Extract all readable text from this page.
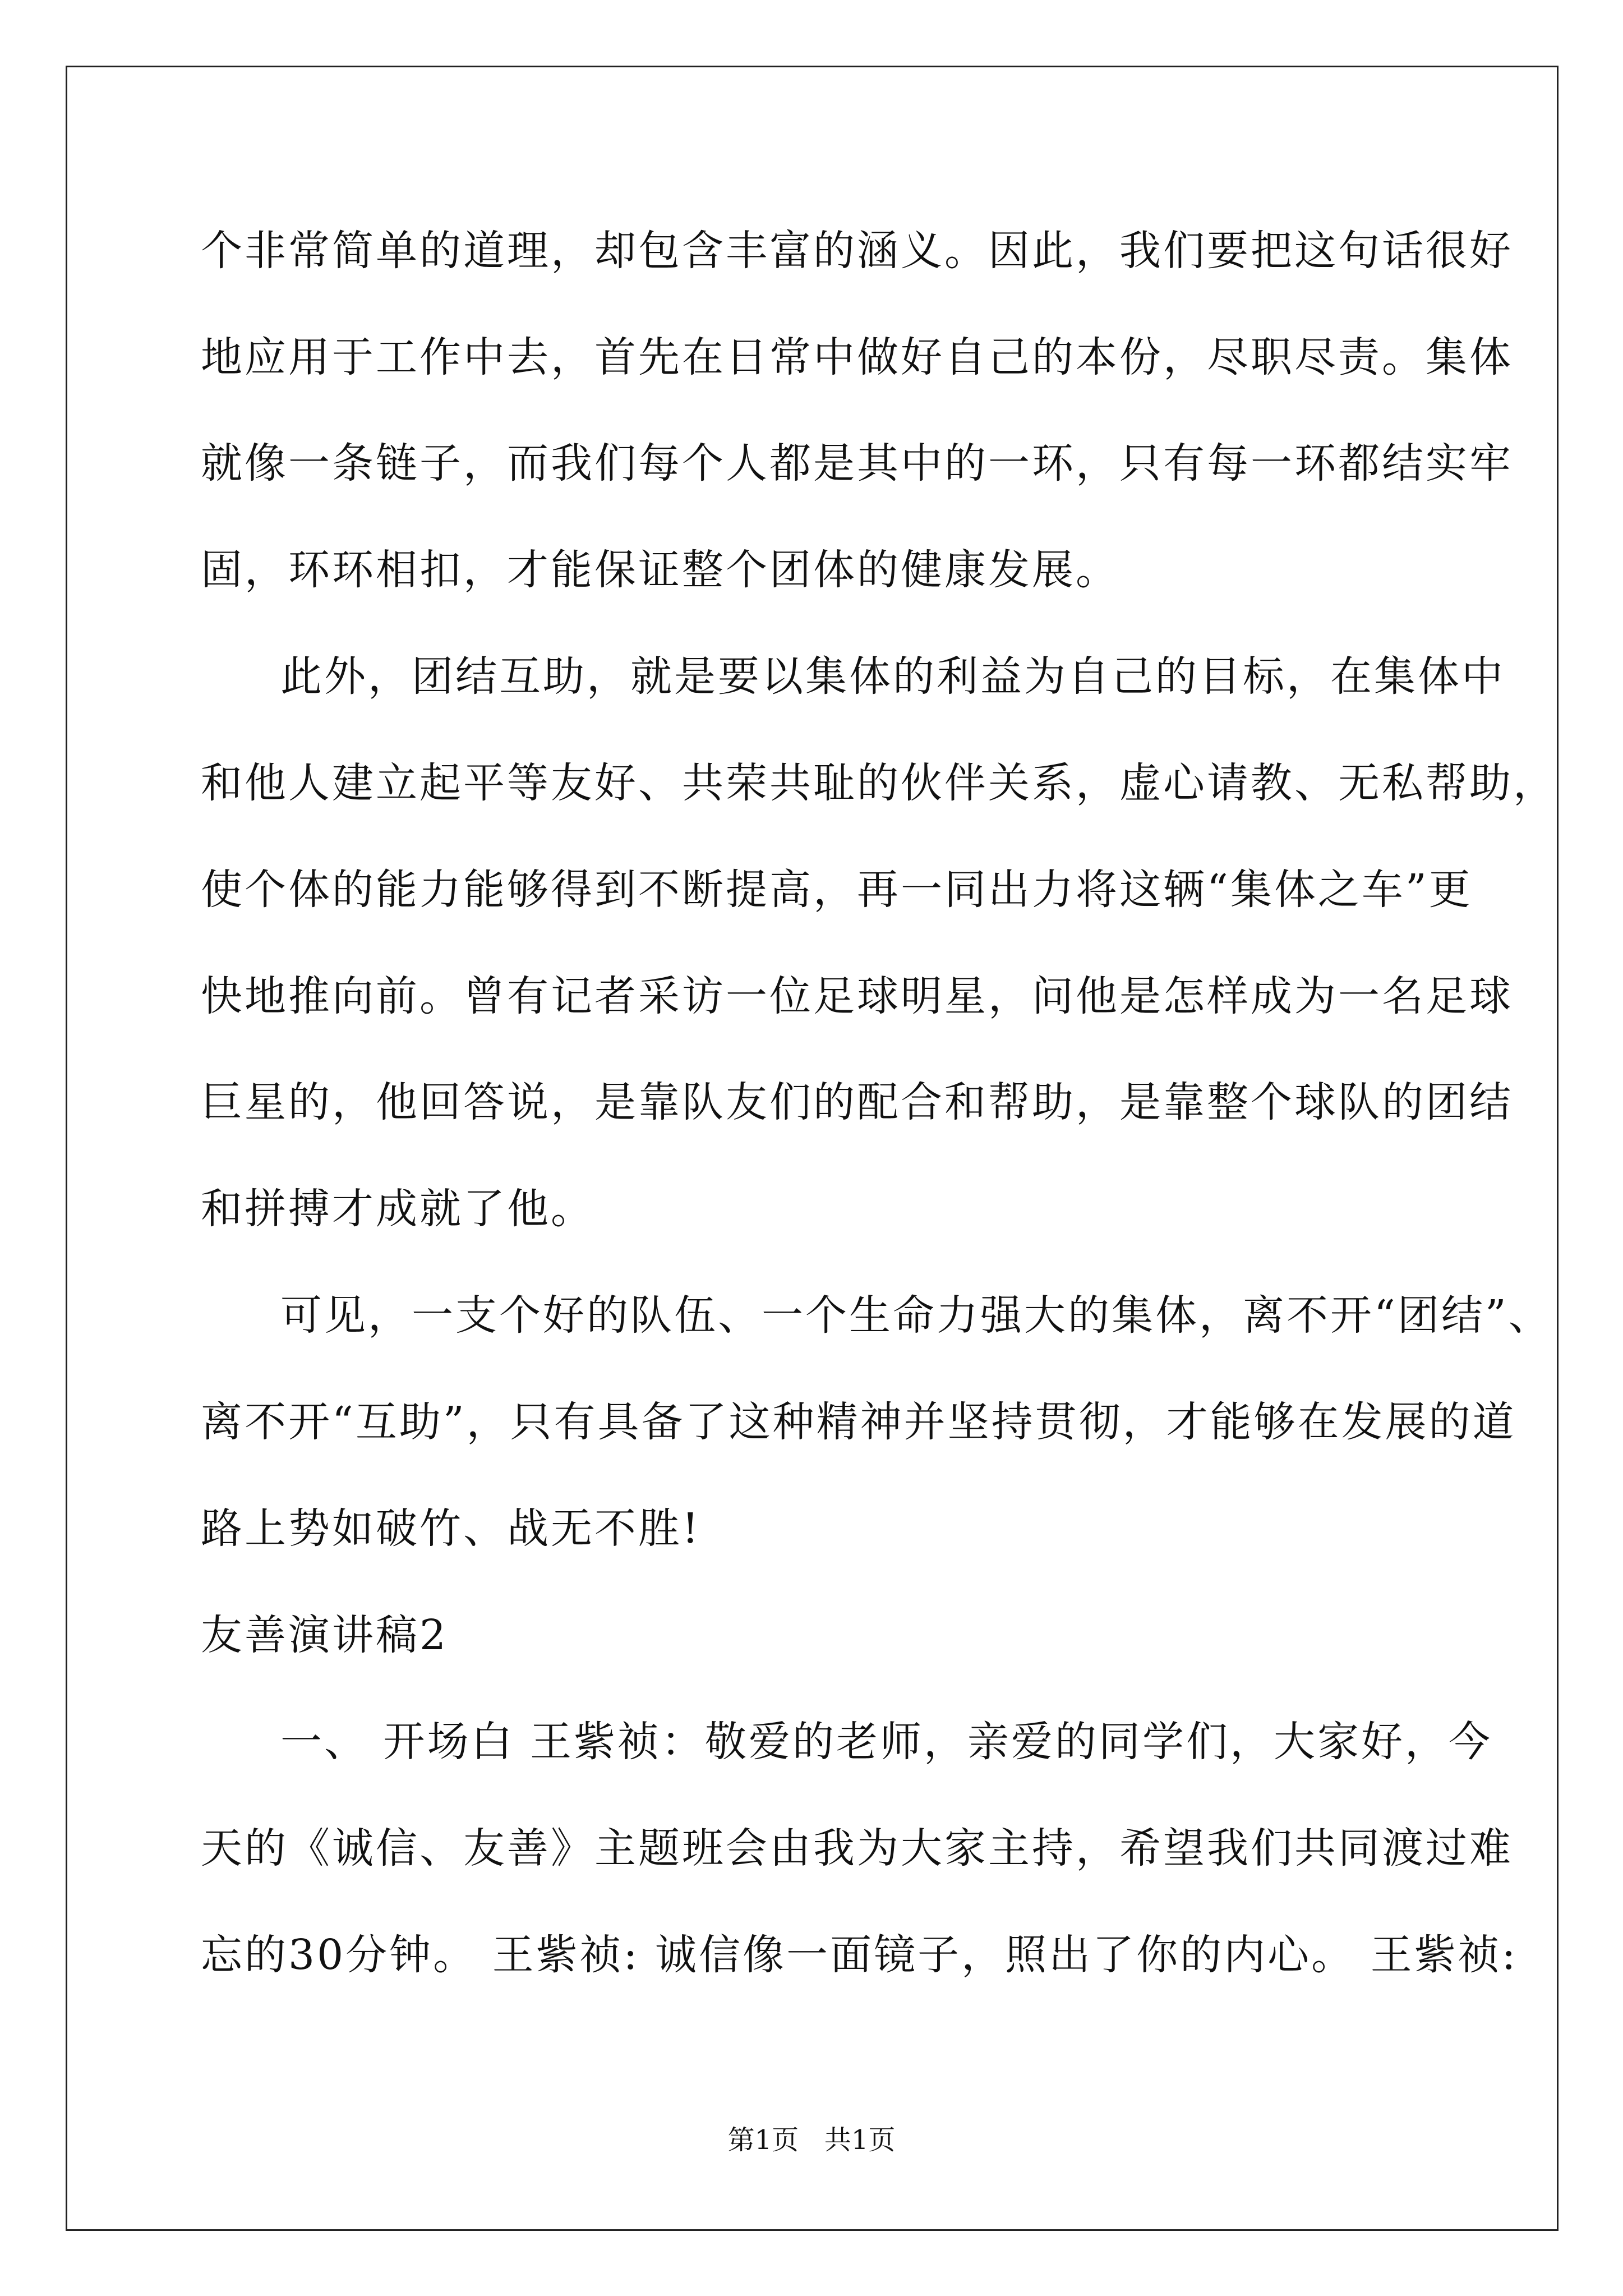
个非常简单的道理，却包含丰富的涵义。因此，我们要把这句话很好
地应用于工作中去，首先在日常中做好自己的本份，尽职尽责。集体
就像一条链子，而我们每个人都是其中的一环，只有每一环都结实牢
固，环环相扣，才能保证整个团体的健康发展。
此外，团结互助，就是要以集体的利益为自己的目标，在集体中
和他人建立起平等友好、共荣共耻的伙伴关系，虚心请教、无私帮助，
使个体的能力能够得到不断提高，再一同出力将这辆“集体之车”更
快地推向前。曾有记者采访一位足球明星，问他是怎样成为一名足球
巨星的，他回答说，是靠队友们的配合和帮助，是靠整个球队的团结
和拼搏才成就了他。
可见，一支个好的队伍、一个生命力强大的集体，离不开“团结”、
离不开“互助”，只有具备了这种精神并坚持贯彻，才能够在发展的道
路上势如破竹、战无不胜!
友善演讲稿2
一、 开场白 王紫祯：敬爱的老师，亲爱的同学们，大家好，今
天的《诚信、友善》主题班会由我为大家主持，希望我们共同渡过难
忘的30分钟。 王紫祯: 诚信像一面镜子，照出了你的内心。 王紫祯:
第1页   共1页
